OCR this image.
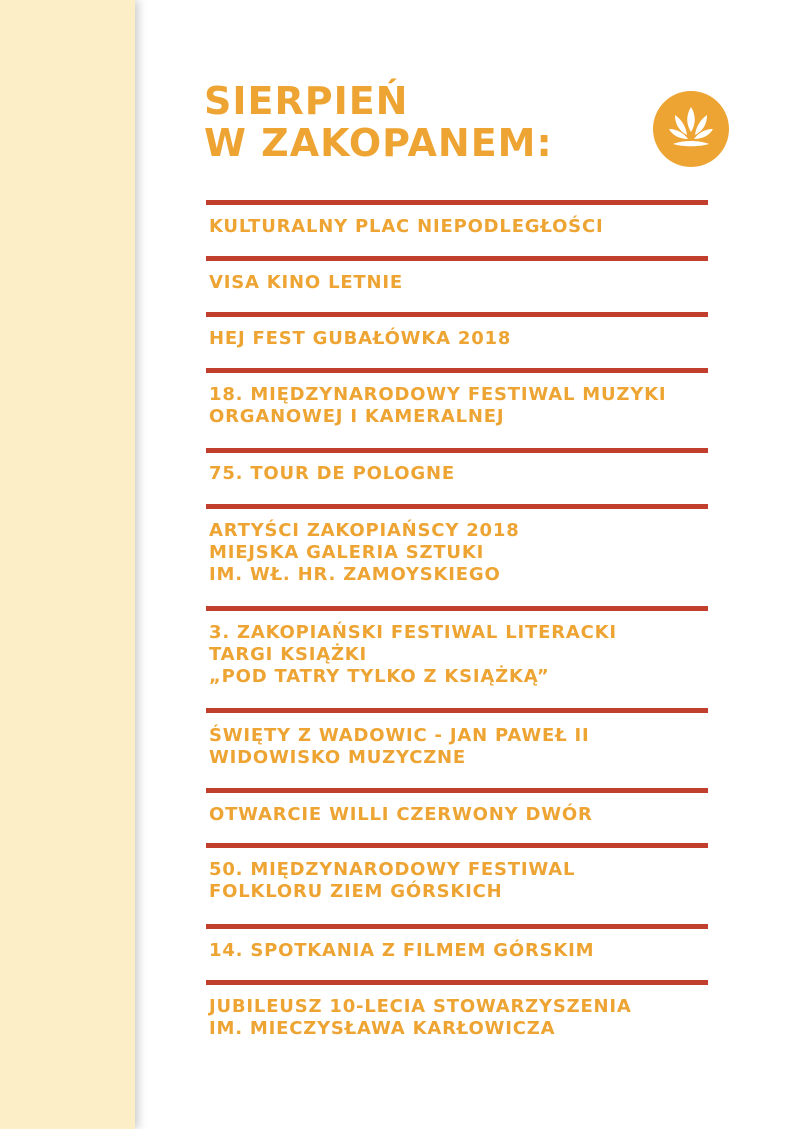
SIERPIEŃ
W ZAKOPANEM:

KULTURALNY PLAC NIEPODLEGŁOŚCI

VISA KINO LETNIE

HEJ FEST GUBAŁÓWKA 2018

18. MIĘDZYNARODOWY FESTIWAL MUZYKI
ORGANOWEJ I KAMERALNEJ

75. TOUR DE POLOGNE

ARTYŚCI ZAKOPIAŃSCY 2018
MIEJSKA GALERIA SZTUKI
IM. WŁ. HR. ZAMOYSKIEGO

3. ZAKOPIAŃSKI FESTIWAL LITERACKI
TARGI KSIĄŻKI
„POD TATRY TYLKO Z KSIĄŻKĄ”

ŚWIĘTY Z WADOWIC - JAN PAWEŁ II
WIDOWISKO MUZYCZNE

OTWARCIE WILLI CZERWONY DWÓR

50. MIĘDZYNARODOWY FESTIWAL
FOLKLORU ZIEM GÓRSKICH

14. SPOTKANIA Z FILMEM GÓRSKIM

JUBILEUSZ 10-LECIA STOWARZYSZENIA
IM. MIECZYSŁAWA KARŁOWICZA
